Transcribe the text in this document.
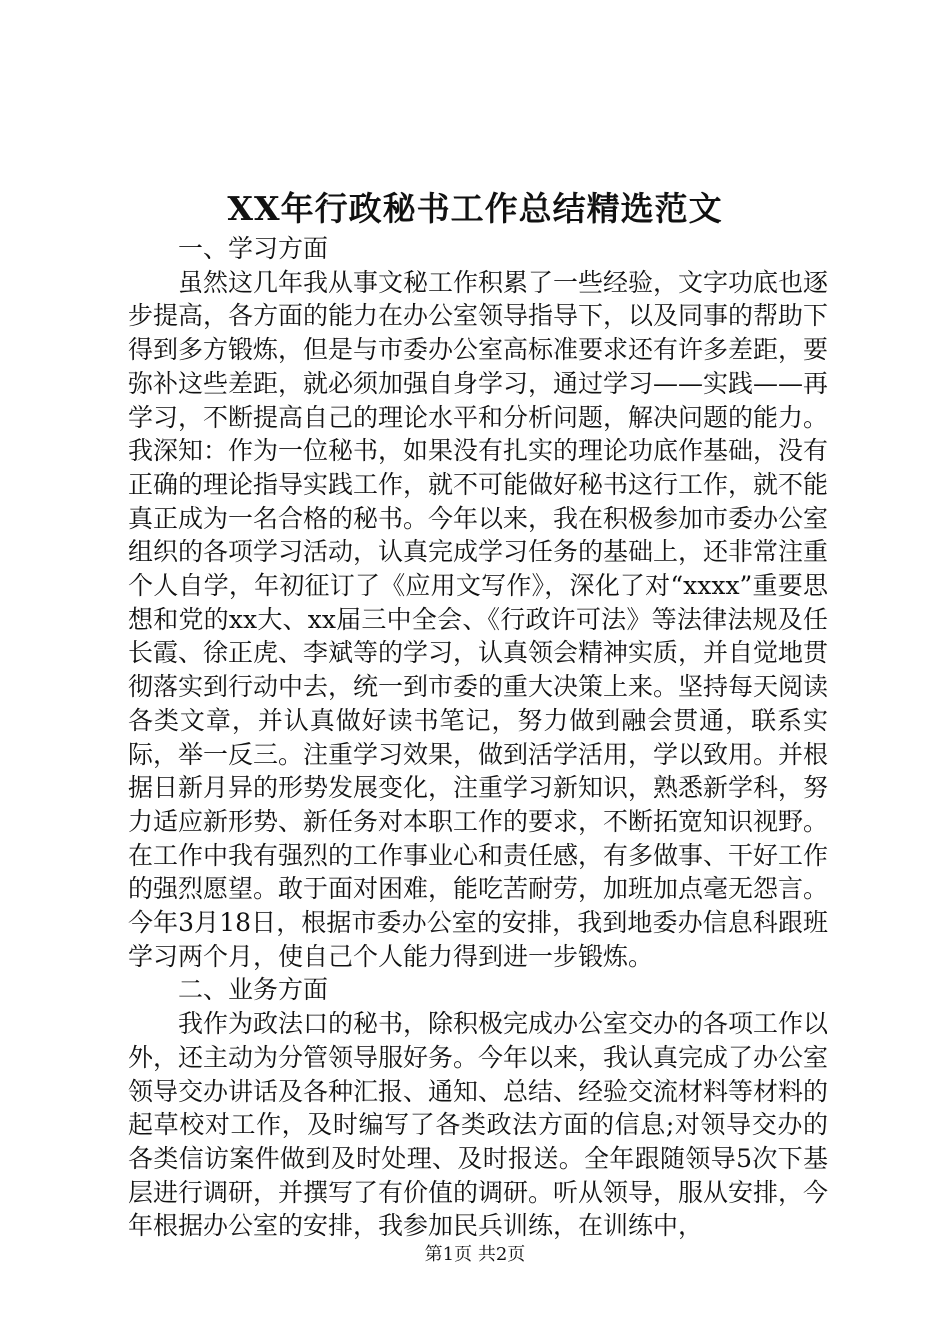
XX年行政秘书工作总结精选范文

一、学习方面

虽然这几年我从事文秘工作积累了一些经验，文字功底也逐步提高，各方面的能力在办公室领导指导下，以及同事的帮助下得到多方锻炼，但是与市委办公室高标准要求还有许多差距，要弥补这些差距，就必须加强自身学习，通过学习——实践——再学习，不断提高自己的理论水平和分析问题，解决问题的能力。我深知：作为一位秘书，如果没有扎实的理论功底作基础，没有正确的理论指导实践工作，就不可能做好秘书这行工作，就不能真正成为一名合格的秘书。今年以来，我在积极参加市委办公室组织的各项学习活动，认真完成学习任务的基础上，还非常注重个人自学，年初征订了《应用文写作》，深化了对“xxxx”重要思想和党的xx大、xx届三中全会、《行政许可法》等法律法规及任长霞、徐正虎、李斌等的学习，认真领会精神实质，并自觉地贯彻落实到行动中去，统一到市委的重大决策上来。坚持每天阅读各类文章，并认真做好读书笔记，努力做到融会贯通，联系实际，举一反三。注重学习效果，做到活学活用，学以致用。并根据日新月异的形势发展变化，注重学习新知识，熟悉新学科，努力适应新形势、新任务对本职工作的要求，不断拓宽知识视野。在工作中我有强烈的工作事业心和责任感，有多做事、干好工作的强烈愿望。敢于面对困难，能吃苦耐劳，加班加点毫无怨言。今年3月18日，根据市委办公室的安排，我到地委办信息科跟班学习两个月，使自己个人能力得到进一步锻炼。

二、业务方面

我作为政法口的秘书，除积极完成办公室交办的各项工作以外，还主动为分管领导服好务。今年以来，我认真完成了办公室领导交办讲话及各种汇报、通知、总结、经验交流材料等材料的起草校对工作，及时编写了各类政法方面的信息;对领导交办的各类信访案件做到及时处理、及时报送。全年跟随领导5次下基层进行调研，并撰写了有价值的调研。听从领导，服从安排，今年根据办公室的安排，我参加民兵训练，在训练中，

第1页 共2页
